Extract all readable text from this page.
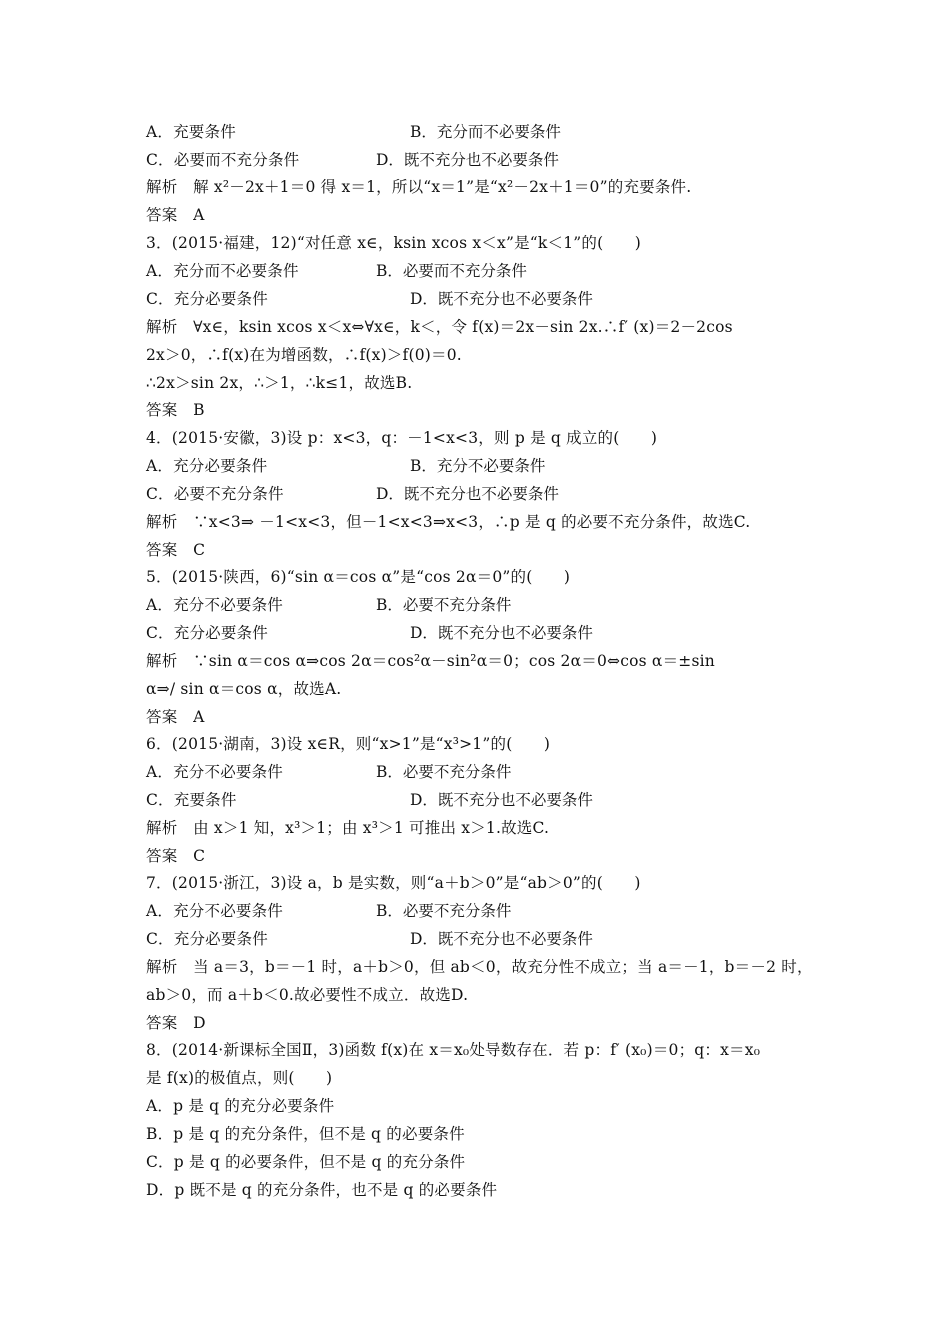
A．充要条件	B．充分而不必要条件
C．必要而不充分条件	D．既不充分也不必要条件
解析　解 x²－2x＋1＝0 得 x＝1，所以“x＝1”是“x²－2x＋1＝0”的充要条件.
答案　A
3．(2015·福建，12)“对任意 x∈，ksin xcos x＜x”是“k＜1”的(　　)
A．充分而不必要条件	B．必要而不充分条件
C．充分必要条件	D．既不充分也不必要条件
解析　∀x∈，ksin xcos x＜x⇔∀x∈，k＜，令 f(x)＝2x－sin 2x.∴f′ (x)＝2－2cos
2x＞0，∴f(x)在为增函数，∴f(x)＞f(0)＝0.
∴2x＞sin 2x，∴＞1，∴k≤1，故选B.
答案　B
4．(2015·安徽，3)设 p：x<3，q：－1<x<3，则 p 是 q 成立的(　　)
A．充分必要条件	B．充分不必要条件
C．必要不充分条件	D．既不充分也不必要条件
解析　∵x<3⇒ －1<x<3，但－1<x<3⇒x<3，∴p 是 q 的必要不充分条件，故选C.
答案　C
5．(2015·陕西，6)“sin α＝cos α”是“cos 2α＝0”的(　　)
A．充分不必要条件	B．必要不充分条件
C．充分必要条件	D．既不充分也不必要条件
解析　∵sin α＝cos α⇒cos 2α＝cos²α－sin²α＝0；cos 2α＝0⇔cos α＝±sin
α⇒/ sin α＝cos α，故选A.
答案　A
6．(2015·湖南，3)设 x∈R，则“x>1”是“x³>1”的(　　)
A．充分不必要条件	B．必要不充分条件
C．充要条件	D．既不充分也不必要条件
解析　由 x＞1 知，x³＞1；由 x³＞1 可推出 x＞1.故选C.
答案　C
7．(2015·浙江，3)设 a，b 是实数，则“a＋b＞0”是“ab＞0”的(　　)
A．充分不必要条件	B．必要不充分条件
C．充分必要条件	D．既不充分也不必要条件
解析　当 a＝3，b＝－1 时，a＋b＞0，但 ab＜0，故充分性不成立；当 a＝－1，b＝－2 时，
ab＞0，而 a＋b＜0.故必要性不成立．故选D.
答案　D
8．(2014·新课标全国Ⅱ，3)函数 f(x)在 x＝x₀处导数存在．若 p：f′ (x₀)＝0；q：x＝x₀
是 f(x)的极值点，则(　　)
A．p 是 q 的充分必要条件
B．p 是 q 的充分条件，但不是 q 的必要条件
C．p 是 q 的必要条件，但不是 q 的充分条件
D．p 既不是 q 的充分条件，也不是 q 的必要条件
